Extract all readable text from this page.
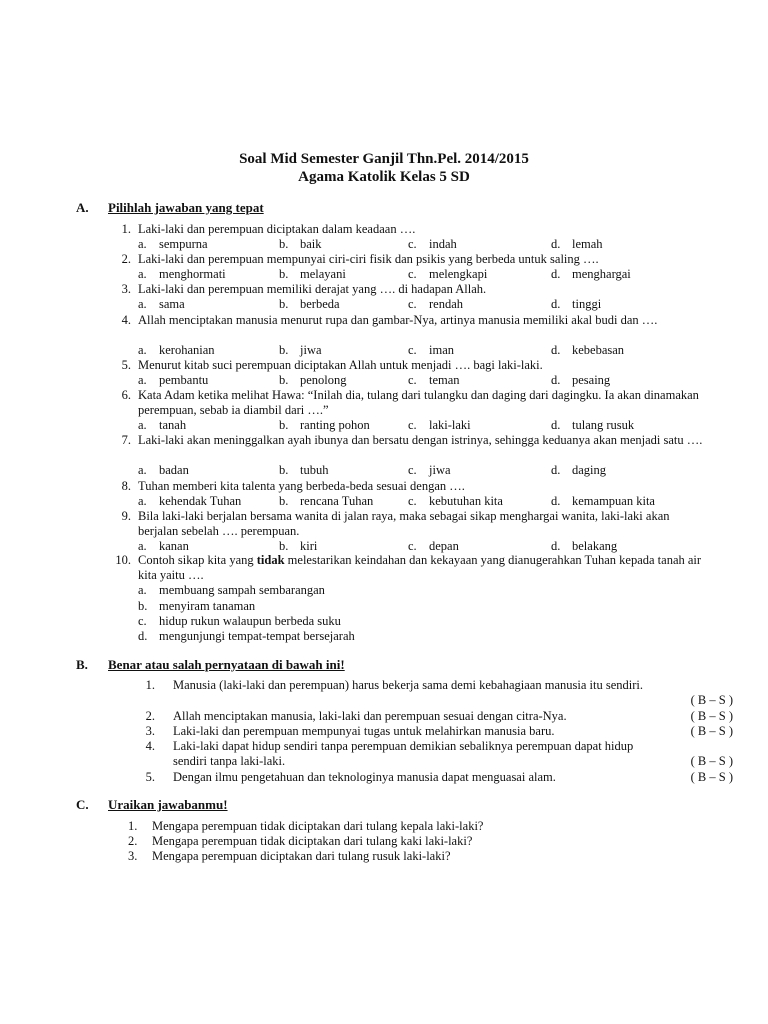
Soal Mid Semester Ganjil Thn.Pel. 2014/2015
Agama Katolik Kelas 5 SD
A. Pilihlah jawaban yang tepat
1. Laki-laki dan perempuan diciptakan dalam keadaan ….
a. sempurna	b. baik	c. indah	d. lemah
2. Laki-laki dan perempuan mempunyai ciri-ciri fisik dan psikis yang berbeda untuk saling ….
a. menghormati	b. melayani	c. melengkapi	d. menghargai
3. Laki-laki dan perempuan memiliki derajat yang …. di hadapan Allah.
a. sama	b. berbeda	c. rendah	d. tinggi
4. Allah menciptakan manusia menurut rupa dan gambar-Nya, artinya manusia memiliki akal budi dan ….
a. kerohanian	b. jiwa	c. iman	d. kebebasan
5. Menurut kitab suci perempuan diciptakan Allah untuk menjadi …. bagi laki-laki.
a. pembantu	b. penolong	c. teman	d. pesaing
6. Kata Adam ketika melihat Hawa: “Inilah dia, tulang dari tulangku dan daging dari dagingku. Ia akan dinamakan perempuan, sebab ia diambil dari ….”
a. tanah	b. ranting pohon	c. laki-laki	d. tulang rusuk
7. Laki-laki akan meninggalkan ayah ibunya dan bersatu dengan istrinya, sehingga keduanya akan menjadi satu ….
a. badan	b. tubuh	c. jiwa	d. daging
8. Tuhan memberi kita talenta yang berbeda-beda sesuai dengan ….
a. kehendak Tuhan	b. rencana Tuhan	c. kebutuhan kita	d. kemampuan kita
9. Bila laki-laki berjalan bersama wanita di jalan raya, maka sebagai sikap menghargai wanita, laki-laki akan berjalan sebelah …. perempuan.
a. kanan	b. kiri	c. depan	d. belakang
10. Contoh sikap kita yang tidak melestarikan keindahan dan kekayaan yang dianugerahkan Tuhan kepada tanah air kita yaitu ….
a. membuang sampah sembarangan
b. menyiram tanaman
c. hidup rukun walaupun berbeda suku
d. mengunjungi tempat-tempat bersejarah
B. Benar atau salah pernyataan di bawah ini!
1. Manusia (laki-laki dan perempuan) harus bekerja sama demi kebahagiaan manusia itu sendiri.
( B – S )
2. Allah menciptakan manusia, laki-laki dan perempuan sesuai dengan citra-Nya.	( B – S )
3. Laki-laki dan perempuan mempunyai tugas untuk melahirkan manusia baru.	( B – S )
4. Laki-laki dapat hidup sendiri tanpa perempuan demikian sebaliknya perempuan dapat hidup sendiri tanpa laki-laki.	( B – S )
5. Dengan ilmu pengetahuan dan teknologinya manusia dapat menguasai alam.	( B – S )
C. Uraikan jawabanmu!
1. Mengapa perempuan tidak diciptakan dari tulang kepala laki-laki?
2. Mengapa perempuan tidak diciptakan dari tulang kaki laki-laki?
3. Mengapa perempuan diciptakan dari tulang rusuk laki-laki?
